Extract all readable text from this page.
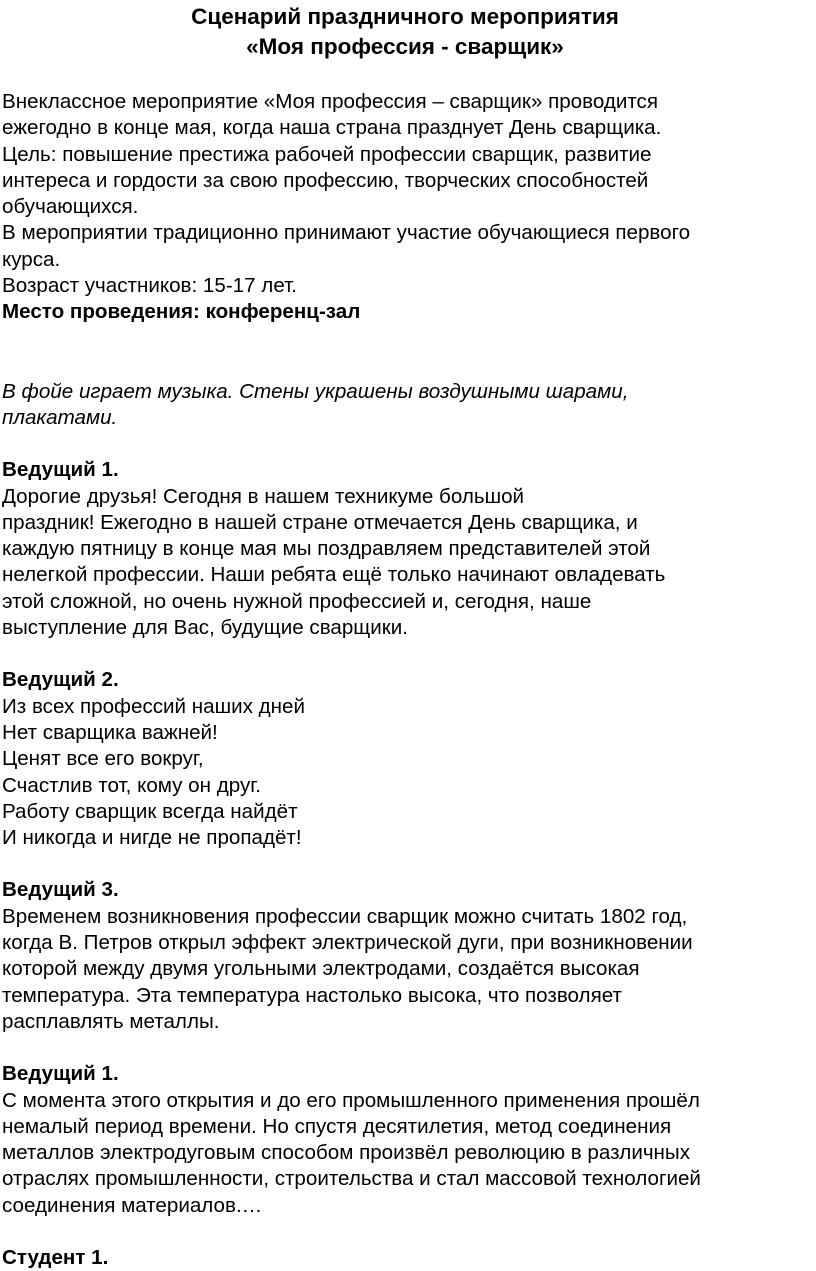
Сценарий праздничного мероприятия
«Моя профессия - сварщик»
Внеклассное мероприятие «Моя профессия – сварщик» проводится
ежегодно в конце мая, когда наша страна празднует День сварщика.
Цель: повышение престижа рабочей профессии сварщик, развитие
интереса и гордости за свою профессию, творческих способностей
обучающихся.
В мероприятии традиционно принимают участие обучающиеся первого
курса.
Возраст участников: 15-17 лет.
Место проведения: конференц-зал
В фойе играет музыка. Стены украшены воздушными шарами,
плакатами.
Ведущий 1.
Дорогие друзья! Сегодня в нашем техникуме большой
праздник! Ежегодно в нашей стране отмечается День сварщика, и
каждую пятницу в конце мая мы поздравляем представителей этой
нелегкой профессии. Наши ребята ещё только начинают овладевать
этой сложной, но очень нужной профессией и, сегодня, наше
выступление для Вас, будущие сварщики.
Ведущий 2.
Из всех профессий наших дней
Нет сварщика важней!
Ценят все его вокруг,
Счастлив тот, кому он друг.
Работу сварщик всегда найдёт
И никогда и нигде не пропадёт!
Ведущий 3.
Временем возникновения профессии сварщик можно считать 1802 год,
когда В. Петров открыл эффект электрической дуги, при возникновении
которой между двумя угольными электродами, создаётся высокая
температура. Эта температура настолько высока, что позволяет
расплавлять металлы.
Ведущий 1.
С момента этого открытия и до его промышленного применения прошёл
немалый период времени. Но спустя десятилетия, метод соединения
металлов электродуговым способом произвёл революцию в различных
отраслях промышленности, строительства и стал массовой технологией
соединения материалов.…
Студент 1.
